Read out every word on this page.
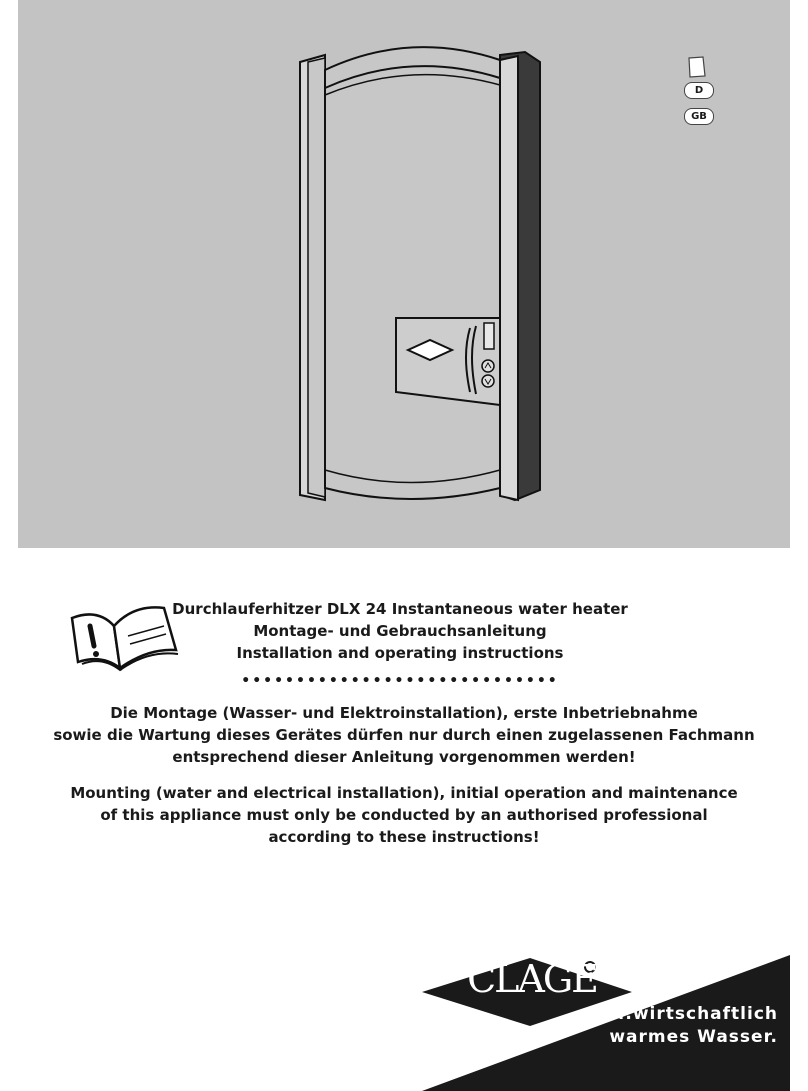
D
GB
Durchlauferhitzer DLX 24 Instantaneous water heater
Montage- und Gebrauchsanleitung
Installation and operating instructions
•••••••••••••••••••••••••••••
Die Montage (Wasser- und Elektroinstallation), erste Inbetriebnahme
sowie die Wartung dieses Gerätes dürfen nur durch einen zugelassenen Fachmann
entsprechend dieser Anleitung vorgenommen werden!
Mounting (water and electrical installation), initial operation and maintenance
of this appliance must only be conducted by an authorised professional
according to these instructions!
CLAGE
...wirtschaftlich
warmes Wasser.
